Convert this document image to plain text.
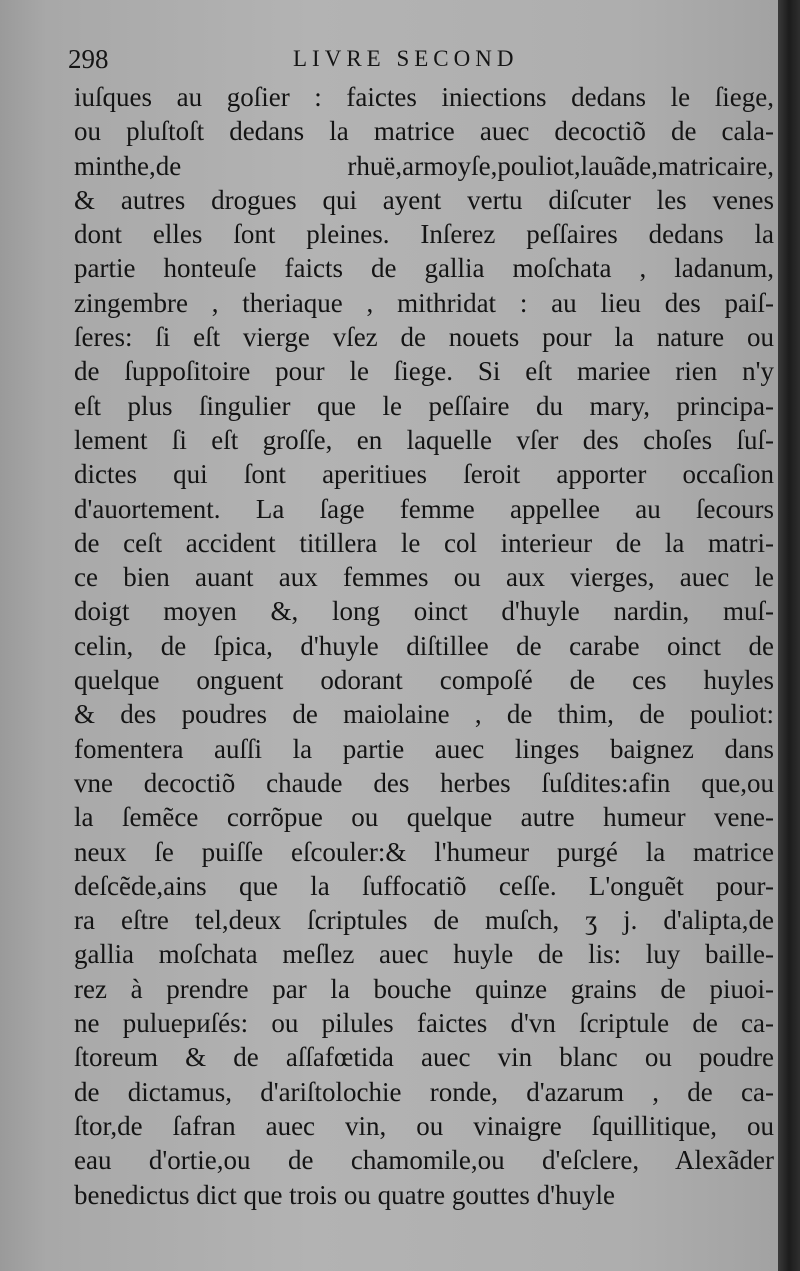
298	LIVRE SECOND
iuſques au goſier : faictes iniections dedans le ſiege,
ou pluſtoſt dedans la matrice auec decoctiõ de cala-
minthe,de rhuë,armoyſe,pouliot,lauãde,matricaire,
& autres drogues qui ayent vertu diſcuter les venes
dont elles ſont pleines. Inſerez peſſaires dedans la
partie honteuſe faicts de gallia moſchata , ladanum,
zingembre , theriaque , mithridat : au lieu des paiſ-
ſeres: ſi eſt vierge vſez de nouets pour la nature ou
de ſuppoſitoire pour le ſiege. Si eſt mariee rien n'y
eſt plus ſingulier que le peſſaire du mary, principa-
lement ſi eſt groſſe, en laquelle vſer des choſes ſuſ-
dictes qui ſont aperitiues ſeroit apporter occaſion
d'auortement. La ſage femme appellee au ſecours
de ceſt accident titillera le col interieur de la matri-
ce bien auant aux femmes ou aux vierges, auec le
doigt moyen &, long oinct d'huyle nardin, muſ-
celin, de ſpica, d'huyle diſtillee de carabe oinct de
quelque onguent odorant compoſé de ces huyles
& des poudres de maiolaine , de thim, de pouliot:
fomentera auſſi la partie auec linges baignez dans
vne decoctiõ chaude des herbes ſuſdites:afin que,ou
la ſemẽce corrõpue ou quelque autre humeur vene-
neux ſe puiſſe eſcouler:& l'humeur purgé la matrice
deſcẽde,ains que la ſuffocatiõ ceſſe. L'onguẽt pour-
ra eſtre tel,deux ſcriptules de muſch, ʒ j. d'alipta,de
gallia moſchata meſlez auec huyle de lis: luy baille-
rez à prendre par la bouche quinze grains de piuoi-
ne puluериſés: ou pilules faictes d'vn ſcriptule de ca-
ſtoreum & de aſſafœtida auec vin blanc ou poudre
de dictamus, d'ariſtolochie ronde, d'azarum , de ca-
ſtor,de ſafran auec vin, ou vinaigre ſquillitique, ou
eau d'ortie,ou de chamomile,ou d'eſclere, Alexãder
benedictus dict que trois ou quatre gouttes d'huyle
